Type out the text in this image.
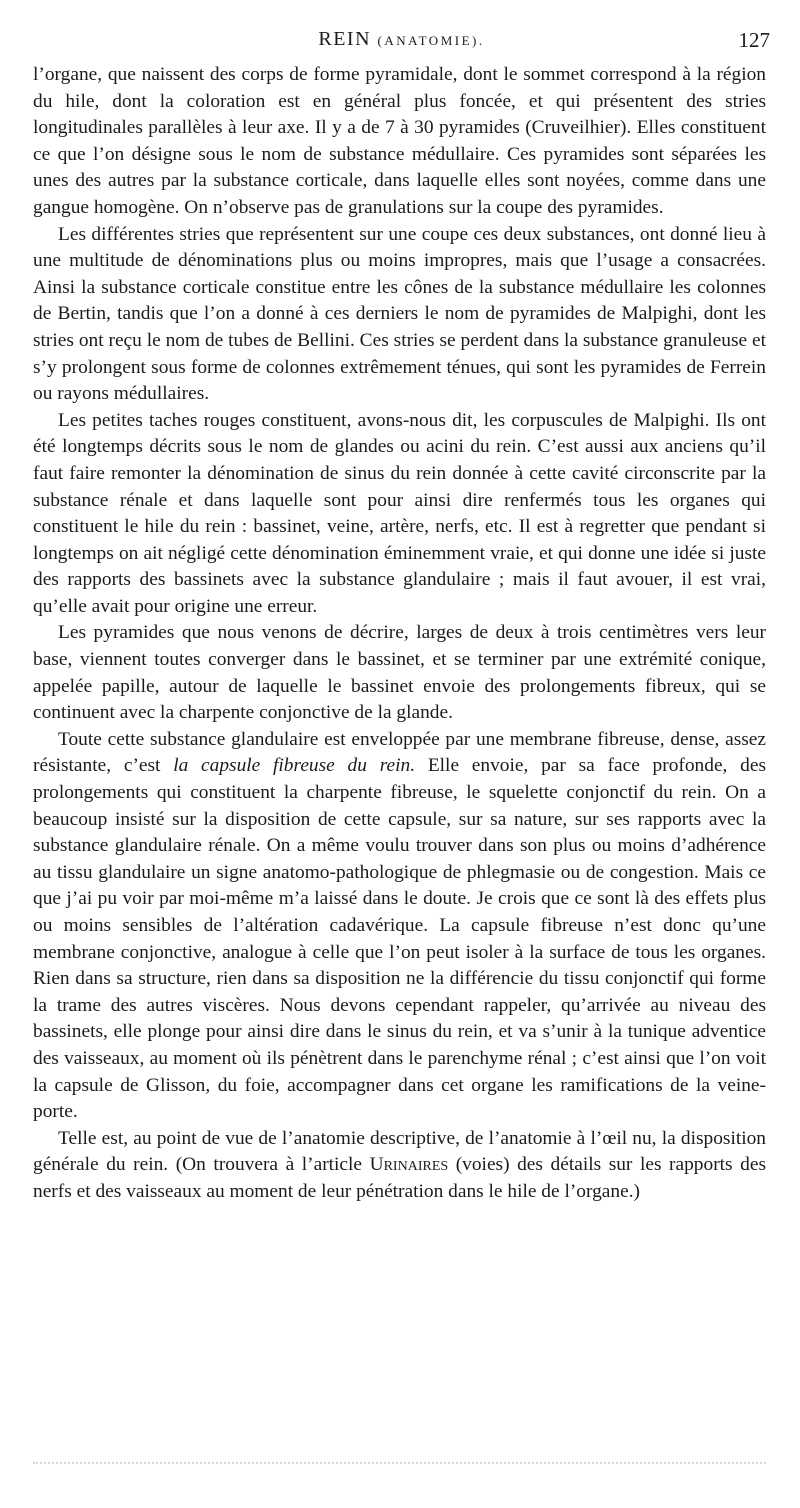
REIN (ANATOMIE).	127

l’organe, que naissent des corps de forme pyramidale, dont le sommet correspond à la région du hile, dont la coloration est en général plus foncée, et qui présentent des stries longitudinales parallèles à leur axe. Il y a de 7 à 30 pyramides (Cruveilhier). Elles constituent ce que l’on désigne sous le nom de substance médullaire. Ces pyramides sont séparées les unes des autres par la substance corticale, dans laquelle elles sont noyées, comme dans une gangue homogène. On n’observe pas de granulations sur la coupe des pyramides.

Les différentes stries que représentent sur une coupe ces deux substances, ont donné lieu à une multitude de dénominations plus ou moins impropres, mais que l’usage a consacrées. Ainsi la substance corticale constitue entre les cônes de la substance médullaire les colonnes de Bertin, tandis que l’on a donné à ces derniers le nom de pyramides de Malpighi, dont les stries ont reçu le nom de tubes de Bellini. Ces stries se perdent dans la substance granuleuse et s’y prolongent sous forme de colonnes extrêmement ténues, qui sont les pyramides de Ferrein ou rayons médullaires.

Les petites taches rouges constituent, avons-nous dit, les corpuscules de Malpighi. Ils ont été longtemps décrits sous le nom de glandes ou acini du rein. C’est aussi aux anciens qu’il faut faire remonter la dénomination de sinus du rein donnée à cette cavité circonscrite par la substance rénale et dans laquelle sont pour ainsi dire renfermés tous les organes qui constituent le hile du rein : bassinet, veine, artère, nerfs, etc. Il est à regretter que pendant si longtemps on ait négligé cette dénomination éminemment vraie, et qui donne une idée si juste des rapports des bassinets avec la substance glandulaire ; mais il faut avouer, il est vrai, qu’elle avait pour origine une erreur.

Les pyramides que nous venons de décrire, larges de deux à trois centimètres vers leur base, viennent toutes converger dans le bassinet, et se terminer par une extrémité conique, appelée papille, autour de laquelle le bassinet envoie des prolongements fibreux, qui se continuent avec la charpente conjonctive de la glande.

Toute cette substance glandulaire est enveloppée par une membrane fibreuse, dense, assez résistante, c’est la capsule fibreuse du rein. Elle envoie, par sa face profonde, des prolongements qui constituent la charpente fibreuse, le squelette conjonctif du rein. On a beaucoup insisté sur la disposition de cette capsule, sur sa nature, sur ses rapports avec la substance glandulaire rénale. On a même voulu trouver dans son plus ou moins d’adhérence au tissu glandulaire un signe anatomo-pathologique de phlegmasie ou de congestion. Mais ce que j’ai pu voir par moi-même m’a laissé dans le doute. Je crois que ce sont là des effets plus ou moins sensibles de l’altération cadavérique. La capsule fibreuse n’est donc qu’une membrane conjonctive, analogue à celle que l’on peut isoler à la surface de tous les organes. Rien dans sa structure, rien dans sa disposition ne la différencie du tissu conjonctif qui forme la trame des autres viscères. Nous devons cependant rappeler, qu’arrivée au niveau des bassinets, elle plonge pour ainsi dire dans le sinus du rein, et va s’unir à la tunique adventice des vaisseaux, au moment où ils pénètrent dans le parenchyme rénal ; c’est ainsi que l’on voit la capsule de Glisson, du foie, accompagner dans cet organe les ramifications de la veine-porte.

Telle est, au point de vue de l’anatomie descriptive, de l’anatomie à l’œil nu, la disposition générale du rein. (On trouvera à l’article Urinaires (voies) des détails sur les rapports des nerfs et des vaisseaux au moment de leur pénétration dans le hile de l’organe.)
